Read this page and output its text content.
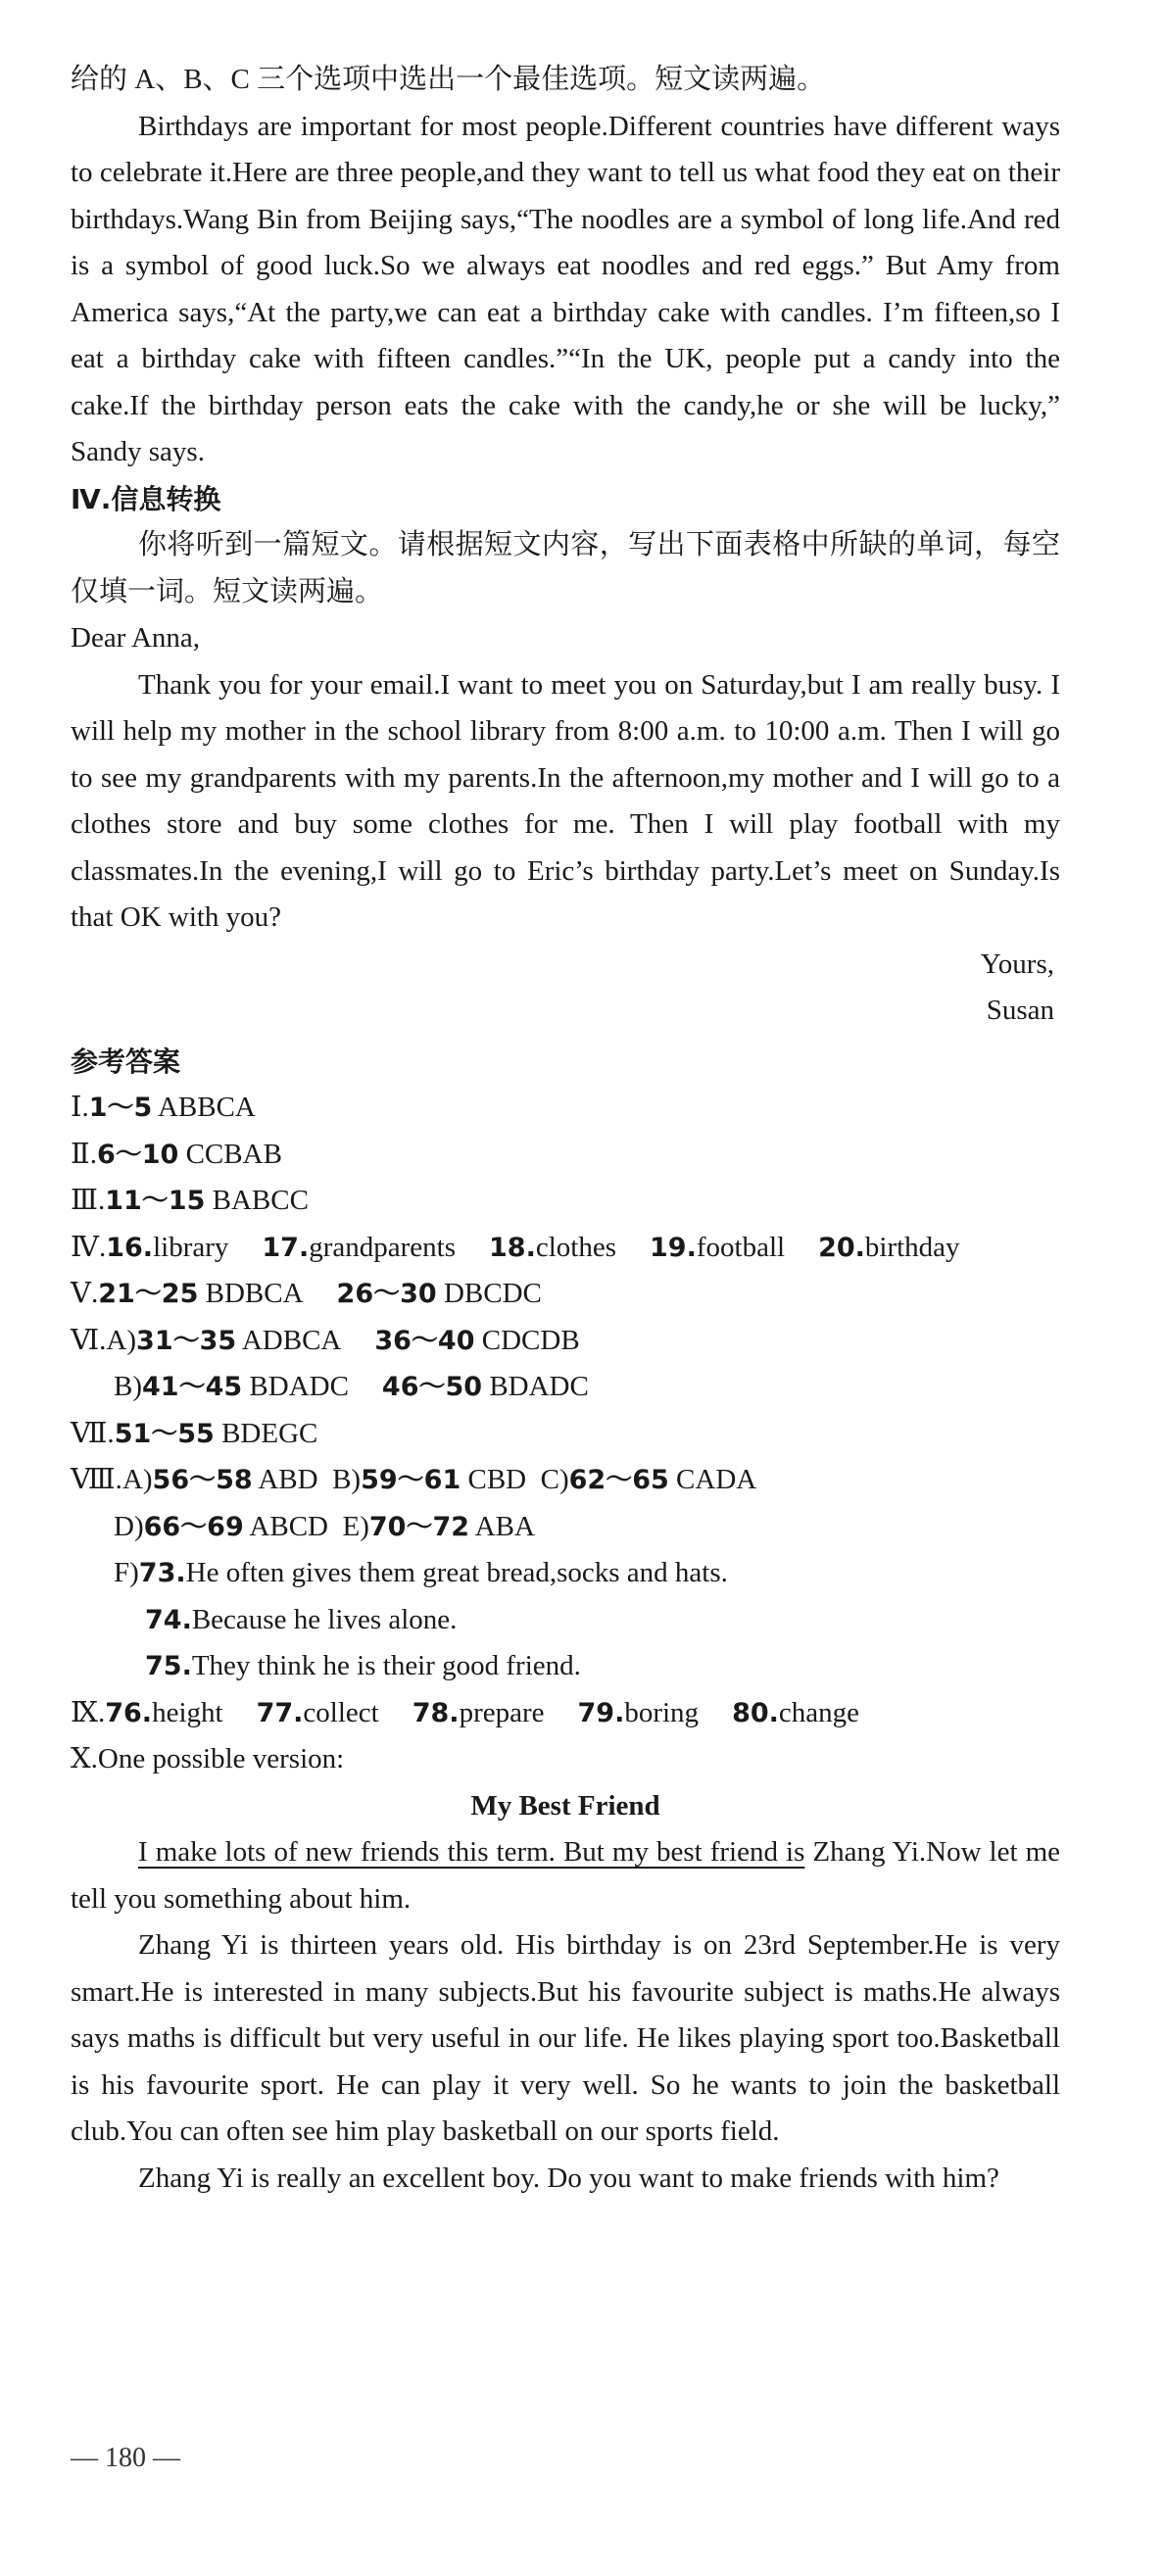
给的 A、B、C 三个选项中选出一个最佳选项。短文读两遍。

Birthdays are important for most people.Different countries have different ways to celebrate it.Here are three people,and they want to tell us what food they eat on their birthdays.Wang Bin from Beijing says,“The noodles are a symbol of long life.And red is a symbol of good luck.So we always eat noodles and red eggs.” But Amy from America says,“At the party,we can eat a birthday cake with candles. I’m fifteen,so I eat a birthday cake with fifteen candles.”“In the UK, people put a candy into the cake.If the birthday person eats the cake with the candy,he or she will be lucky,” Sandy says.

Ⅳ.信息转换

你将听到一篇短文。请根据短文内容，写出下面表格中所缺的单词，每空仅填一词。短文读两遍。

Dear Anna,

Thank you for your email.I want to meet you on Saturday,but I am really busy. I will help my mother in the school library from 8:00 a.m. to 10:00 a.m. Then I will go to see my grandparents with my parents.In the afternoon,my mother and I will go to a clothes store and buy some clothes for me. Then I will play football with my classmates.In the evening,I will go to Eric’s birthday party.Let’s meet on Sunday.Is that OK with you?

Yours,

Susan

参考答案

Ⅰ.1～5 ABBCA

Ⅱ.6～10 CCBAB

Ⅲ.11～15 BABCC

Ⅳ.16.library 17.grandparents 18.clothes 19.football 20.birthday

Ⅴ.21～25 BDBCA 26～30 DBCDC

Ⅵ.A)31～35 ADBCA 36～40 CDCDB

B)41～45 BDADC 46～50 BDADC

Ⅶ.51～55 BDEGC

Ⅷ.A)56～58 ABD B)59～61 CBD C)62～65 CADA

D)66～69 ABCD E)70～72 ABA

F)73.He often gives them great bread,socks and hats.

74.Because he lives alone.

75.They think he is their good friend.

Ⅸ.76.height 77.collect 78.prepare 79.boring 80.change

Ⅹ.One possible version:

My Best Friend

I make lots of new friends this term. But my best friend is Zhang Yi.Now let me tell you something about him.

Zhang Yi is thirteen years old. His birthday is on 23rd September.He is very smart.He is interested in many subjects.But his favourite subject is maths.He always says maths is difficult but very useful in our life. He likes playing sport too.Basketball is his favourite sport. He can play it very well. So he wants to join the basketball club.You can often see him play basketball on our sports field.

Zhang Yi is really an excellent boy. Do you want to make friends with him?

— 180 —
